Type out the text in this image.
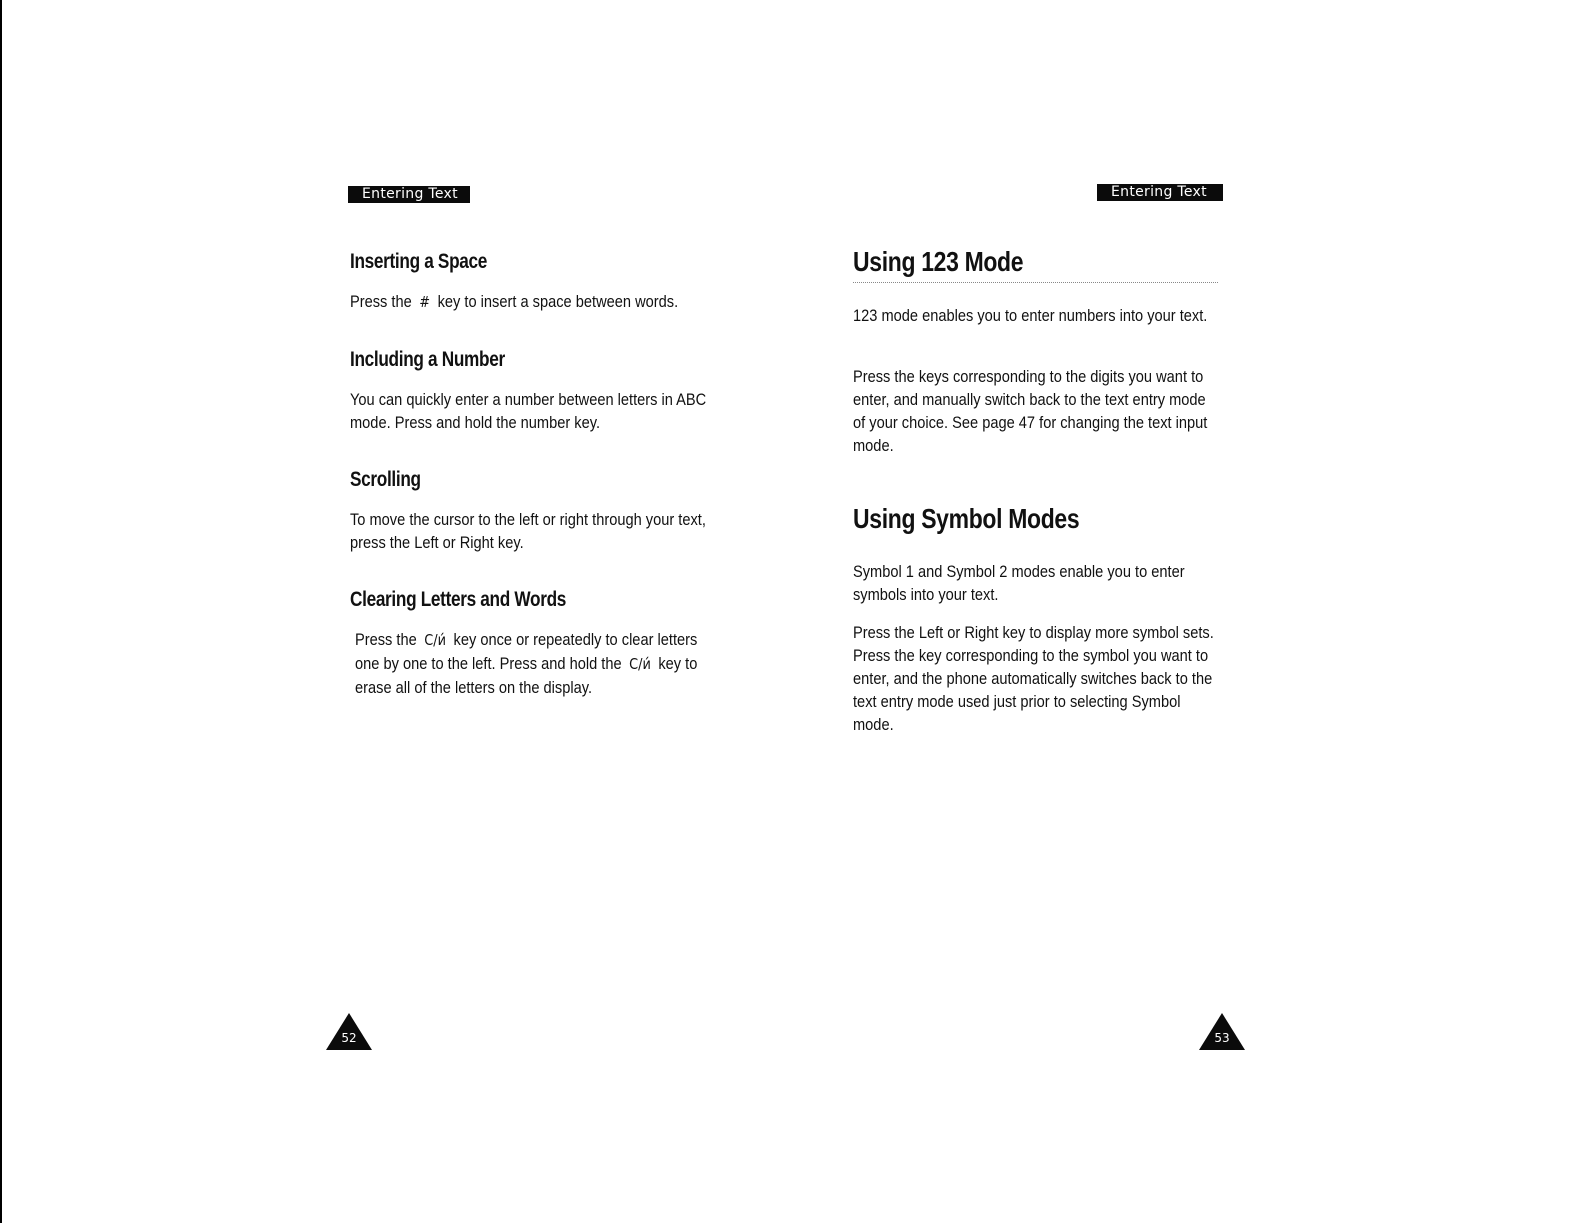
Entering Text
Inserting a Space

Press the # key to insert a space between words.

Including a Number

You can quickly enter a number between letters in ABC mode. Press and hold the number key.

Scrolling

To move the cursor to the left or right through your text, press the Left or Right key.

Clearing Letters and Words

Press the C/и́ key once or repeatedly to clear letters one by one to the left. Press and hold the C/и́ key to erase all of the letters on the display.

52
Entering Text
Using 123 Mode

123 mode enables you to enter numbers into your text.

Press the keys corresponding to the digits you want to enter, and manually switch back to the text entry mode of your choice. See page 47 for changing the text input mode.

Using Symbol Modes

Symbol 1 and Symbol 2 modes enable you to enter symbols into your text.

Press the Left or Right key to display more symbol sets. Press the key corresponding to the symbol you want to enter, and the phone automatically switches back to the text entry mode used just prior to selecting Symbol mode.

53
